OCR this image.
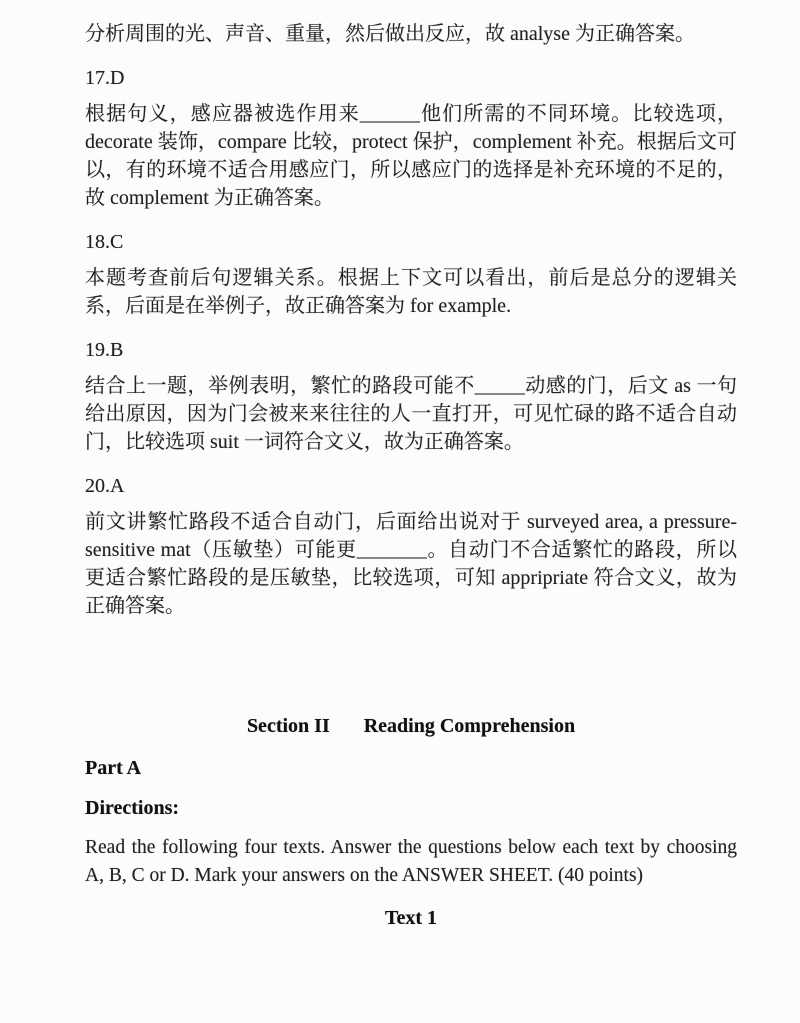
分析周围的光、声音、重量，然后做出反应，故 analyse 为正确答案。
17.D
根据句义，感应器被选作用来______他们所需的不同环境。比较选项，decorate 装饰，compare 比较，protect 保护，complement 补充。根据后文可以，有的环境不适合用感应门，所以感应门的选择是补充环境的不足的，故 complement 为正确答案。
18.C
本题考查前后句逻辑关系。根据上下文可以看出，前后是总分的逻辑关系，后面是在举例子，故正确答案为 for example.
19.B
结合上一题，举例表明，繁忙的路段可能不_____动感的门，后文 as 一句给出原因，因为门会被来来往往的人一直打开，可见忙碌的路不适合自动门，比较选项 suit 一词符合文义，故为正确答案。
20.A
前文讲繁忙路段不适合自动门，后面给出说对于 surveyed area, a pressure-sensitive mat（压敏垫）可能更_______。自动门不合适繁忙的路段，所以更适合繁忙路段的是压敏垫，比较选项，可知 appripriate 符合文义，故为正确答案。
Section II Reading Comprehension
Part A
Directions:
Read the following four texts. Answer the questions below each text by choosing A, B, C or D. Mark your answers on the ANSWER SHEET. (40 points)
Text 1
